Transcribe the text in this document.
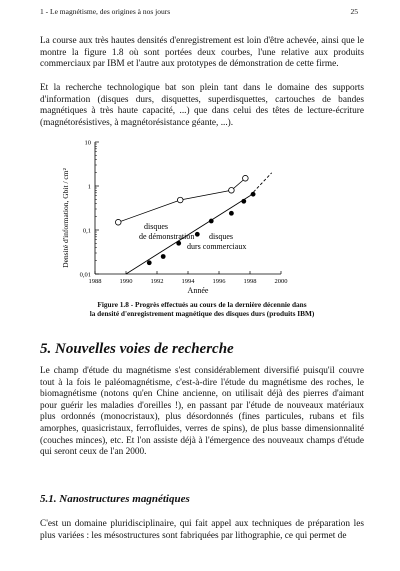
1 - Le magnétisme, des origines à nos jours	25

La course aux très hautes densités d'enregistrement est loin d'être achevée, ainsi que le montre la figure 1.8 où sont portées deux courbes, l'une relative aux produits commerciaux par IBM et l'autre aux prototypes de démonstration de cette firme.

Et la recherche technologique bat son plein tant dans le domaine des supports d'information (disques durs, disquettes, superdisquettes, cartouches de bandes magnétiques à très haute capacité, ...) que dans celui des têtes de lecture-écriture (magnétorésistives, à magnétorésistance géante, ...).

1988	1990	1992	1994	1996	1998	2000
0,01
0,1
1
10
Densité d'information, Gbit / cm²
Année
disques
de démonstration disques
durs commerciaux
Figure 1.8 - Progrès effectués au cours de la dernière décennie dans
la densité d'enregistrement magnétique des disques durs (produits IBM)
5. Nouvelles voies de recherche

Le champ d'étude du magnétisme s'est considérablement diversifié puisqu'il couvre tout à la fois le paléomagnétisme, c'est-à-dire l'étude du magnétisme des roches, le biomagnétisme (notons qu'en Chine ancienne, on utilisait déjà des pierres d'aimant pour guérir les maladies d'oreilles !), en passant par l'étude de nouveaux matériaux plus ordonnés (monocristaux), plus désordonnés (fines particules, rubans et fils amorphes, quasicristaux, ferrofluides, verres de spins), de plus basse dimensionnalité (couches minces), etc. Et l'on assiste déjà à l'émergence des nouveaux champs d'étude qui seront ceux de l'an 2000.

5.1. Nanostructures magnétiques

C'est un domaine pluridisciplinaire, qui fait appel aux techniques de préparation les plus variées : les mésostructures sont fabriquées par lithographie, ce qui permet de
